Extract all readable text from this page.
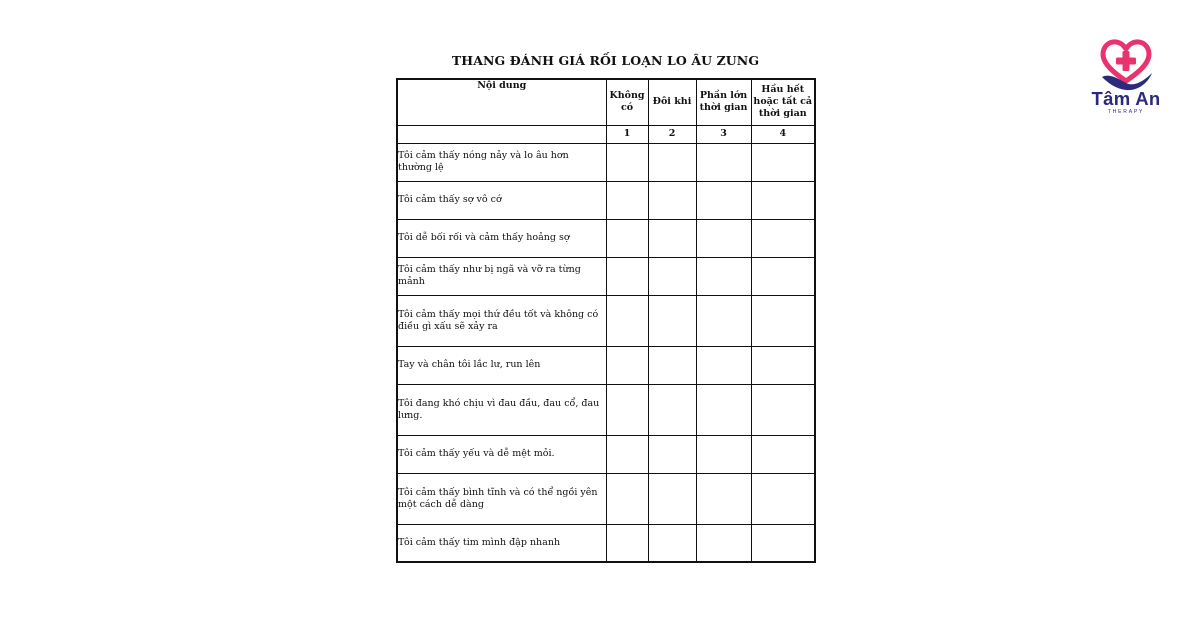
THANG ĐÁNH GIÁ RỐI LOẠN LO ÂU ZUNG
Nội dung	Không có	Đôi khi	Phần lớn thời gian	Hầu hết hoặc tất cả thời gian
	1	2	3	4
Tôi cảm thấy nóng nảy và lo âu hơn thường lệ				
Tôi cảm thấy sợ vô cớ				
Tôi dễ bối rối và cảm thấy hoảng sợ				
Tôi cảm thấy như bị ngã và vỡ ra từng mảnh				
Tôi cảm thấy mọi thứ đều tốt và không có điều gì xấu sẽ xảy ra				
Tay và chân tôi lắc lư, run lên				
Tôi đang khó chịu vì đau đầu, đau cổ, đau lưng.				
Tôi cảm thấy yếu và dễ mệt mỏi.				
Tôi cảm thấy bình tĩnh và có thể ngồi yên một cách dễ dàng				
Tôi cảm thấy tim mình đập nhanh				
Tâm An
THERAPY
